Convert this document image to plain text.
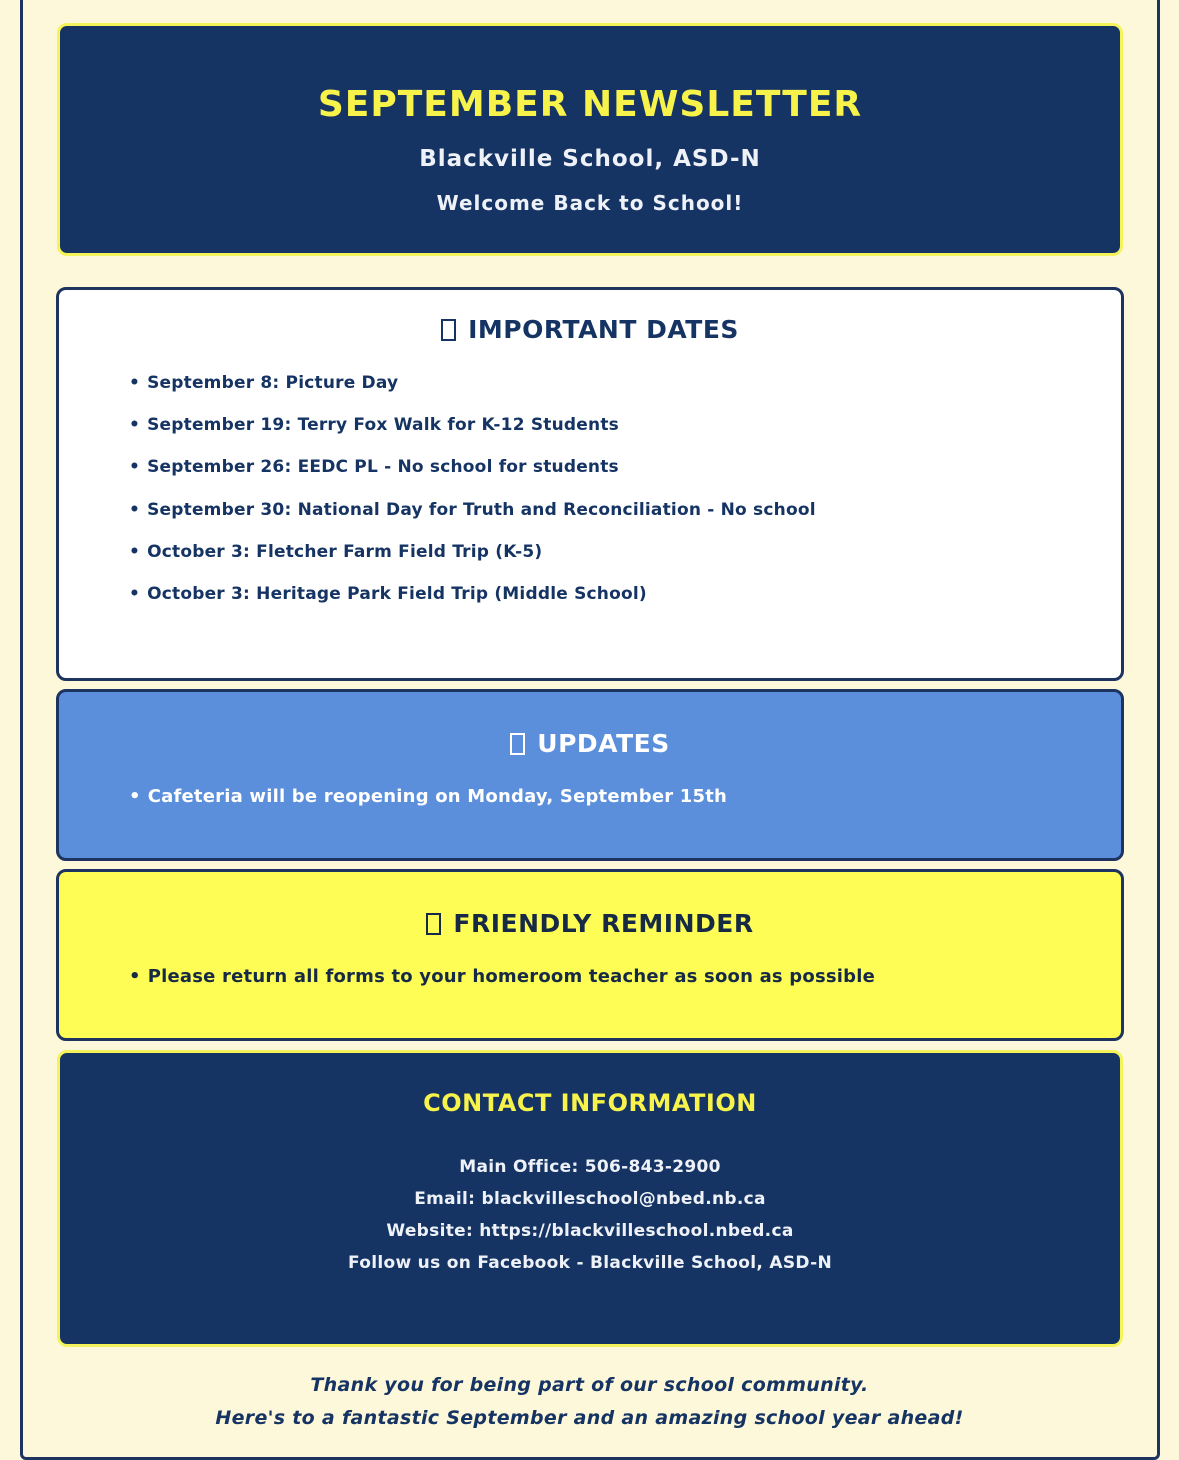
SEPTEMBER NEWSLETTER
Blackville School, ASD-N
Welcome Back to School!
IMPORTANT DATES
• September 8: Picture Day
• September 19: Terry Fox Walk for K-12 Students
• September 26: EEDC PL - No school for students
• September 30: National Day for Truth and Reconciliation - No school
• October 3: Fletcher Farm Field Trip (K-5)
• October 3: Heritage Park Field Trip (Middle School)
UPDATES
• Cafeteria will be reopening on Monday, September 15th
FRIENDLY REMINDER
• Please return all forms to your homeroom teacher as soon as possible
CONTACT INFORMATION
Main Office: 506-843-2900
Email: blackvilleschool@nbed.nb.ca
Website: https://blackvilleschool.nbed.ca
Follow us on Facebook - Blackville School, ASD-N
Thank you for being part of our school community.
Here's to a fantastic September and an amazing school year ahead!
